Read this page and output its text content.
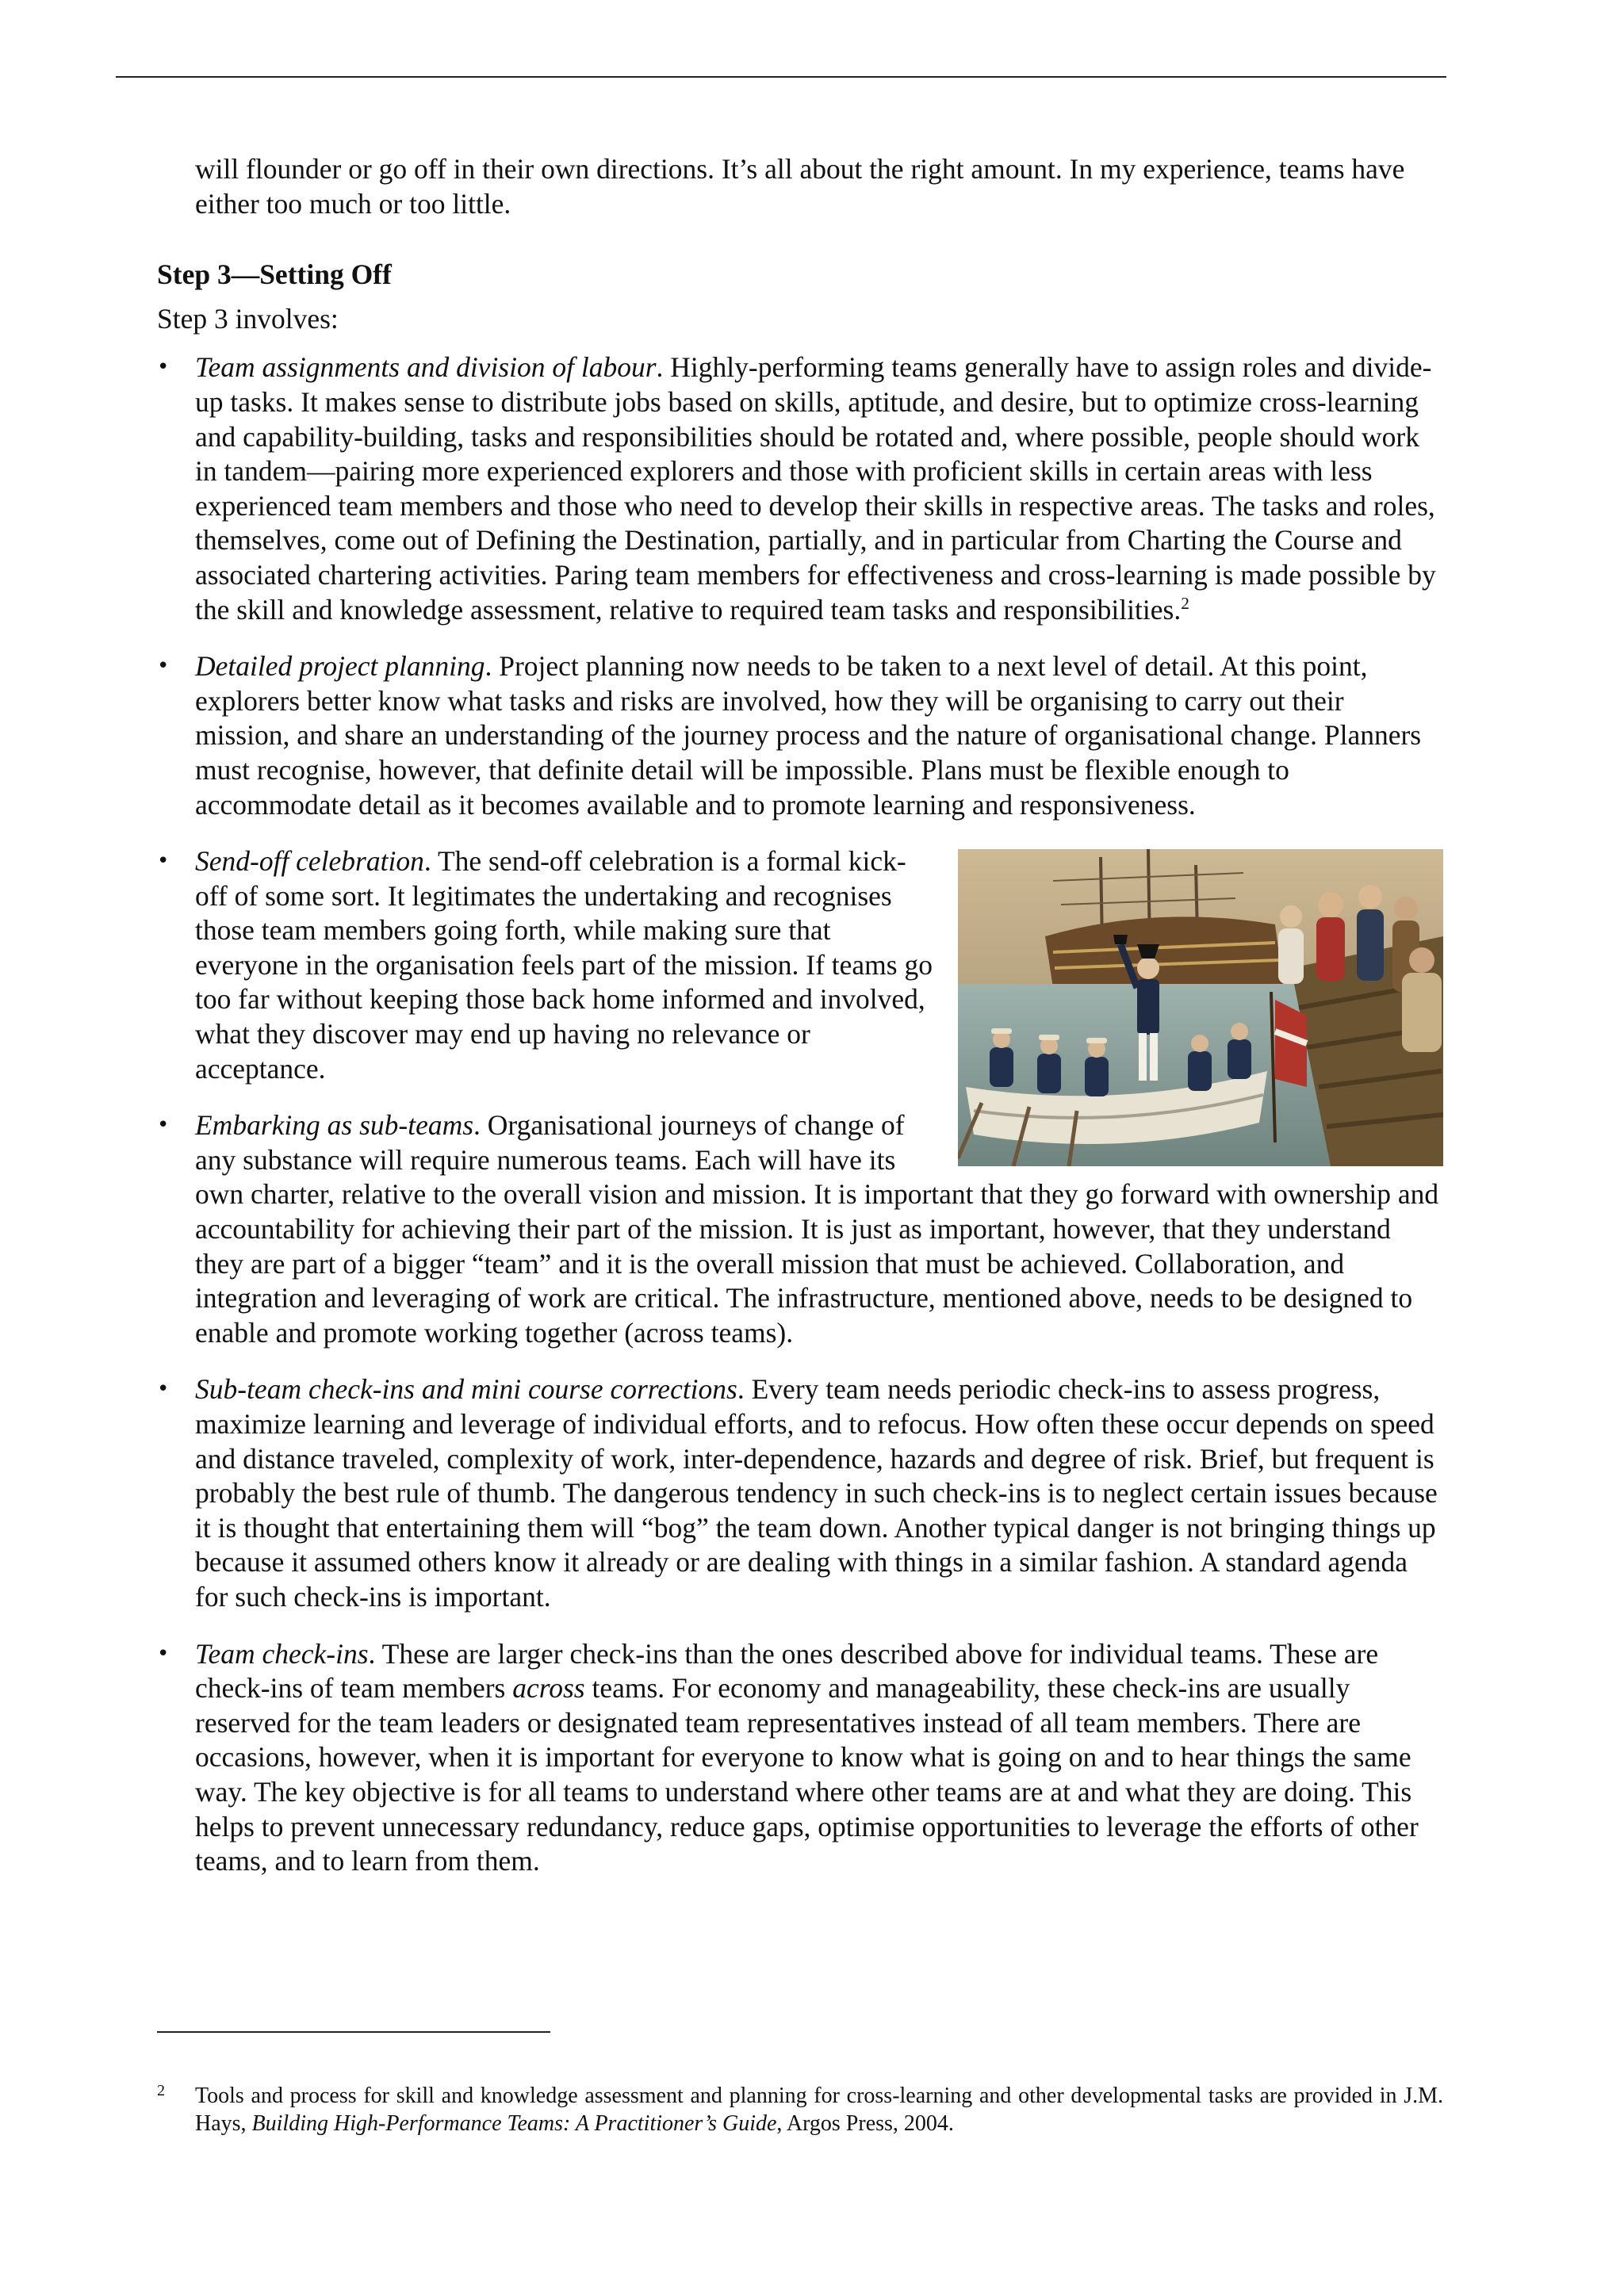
will flounder or go off in their own directions. It’s all about the right amount. In my experience, teams have either too much or too little.

Step 3—Setting Off

Step 3 involves:

• Team assignments and division of labour. Highly-performing teams generally have to assign roles and divide-up tasks. It makes sense to distribute jobs based on skills, aptitude, and desire, but to optimize cross-learning and capability-building, tasks and responsibilities should be rotated and, where possible, people should work in tandem—pairing more experienced explorers and those with proficient skills in certain areas with less experienced team members and those who need to develop their skills in respective areas. The tasks and roles, themselves, come out of Defining the Destination, partially, and in particular from Charting the Course and associated chartering activities. Paring team members for effectiveness and cross-learning is made possible by the skill and knowledge assessment, relative to required team tasks and responsibilities.$^2$
• Detailed project planning. Project planning now needs to be taken to a next level of detail. At this point, explorers better know what tasks and risks are involved, how they will be organising to carry out their mission, and share an understanding of the journey process and the nature of organisational change. Planners must recognise, however, that definite detail will be impossible. Plans must be flexible enough to accommodate detail as it becomes available and to promote learning and responsiveness.
• Send-off celebration. The send-off celebration is a formal kick-off of some sort. It legitimates the undertaking and recognises those team members going forth, while making sure that everyone in the organisation feels part of the mission. If teams go too far without keeping those back home informed and involved, what they discover may end up having no relevance or acceptance.
• Embarking as sub-teams. Organisational journeys of change of any substance will require numerous teams. Each will have its own charter, relative to the overall vision and mission. It is important that they go forward with ownership and accountability for achieving their part of the mission. It is just as important, however, that they understand they are part of a bigger “team” and it is the overall mission that must be achieved. Collaboration, and integration and leveraging of work are critical. The infrastructure, mentioned above, needs to be designed to enable and promote working together (across teams).
• Sub-team check-ins and mini course corrections. Every team needs periodic check-ins to assess progress, maximize learning and leverage of individual efforts, and to refocus. How often these occur depends on speed and distance traveled, complexity of work, inter-dependence, hazards and degree of risk. Brief, but frequent is probably the best rule of thumb. The dangerous tendency in such check-ins is to neglect certain issues because it is thought that entertaining them will “bog” the team down. Another typical danger is not bringing things up because it assumed others know it already or are dealing with things in a similar fashion. A standard agenda for such check-ins is important.
• Team check-ins. These are larger check-ins than the ones described above for individual teams. These are check-ins of team members across teams. For economy and manageability, these check-ins are usually reserved for the team leaders or designated team representatives instead of all team members. There are occasions, however, when it is important for everyone to know what is going on and to hear things the same way. The key objective is for all teams to understand where other teams are at and what they are doing. This helps to prevent unnecessary redundancy, reduce gaps, optimise opportunities to leverage the efforts of other teams, and to learn from them.
2 Tools and process for skill and knowledge assessment and planning for cross-learning and other developmental tasks are provided in J.M. Hays, Building High-Performance Teams: A Practitioner’s Guide, Argos Press, 2004.
